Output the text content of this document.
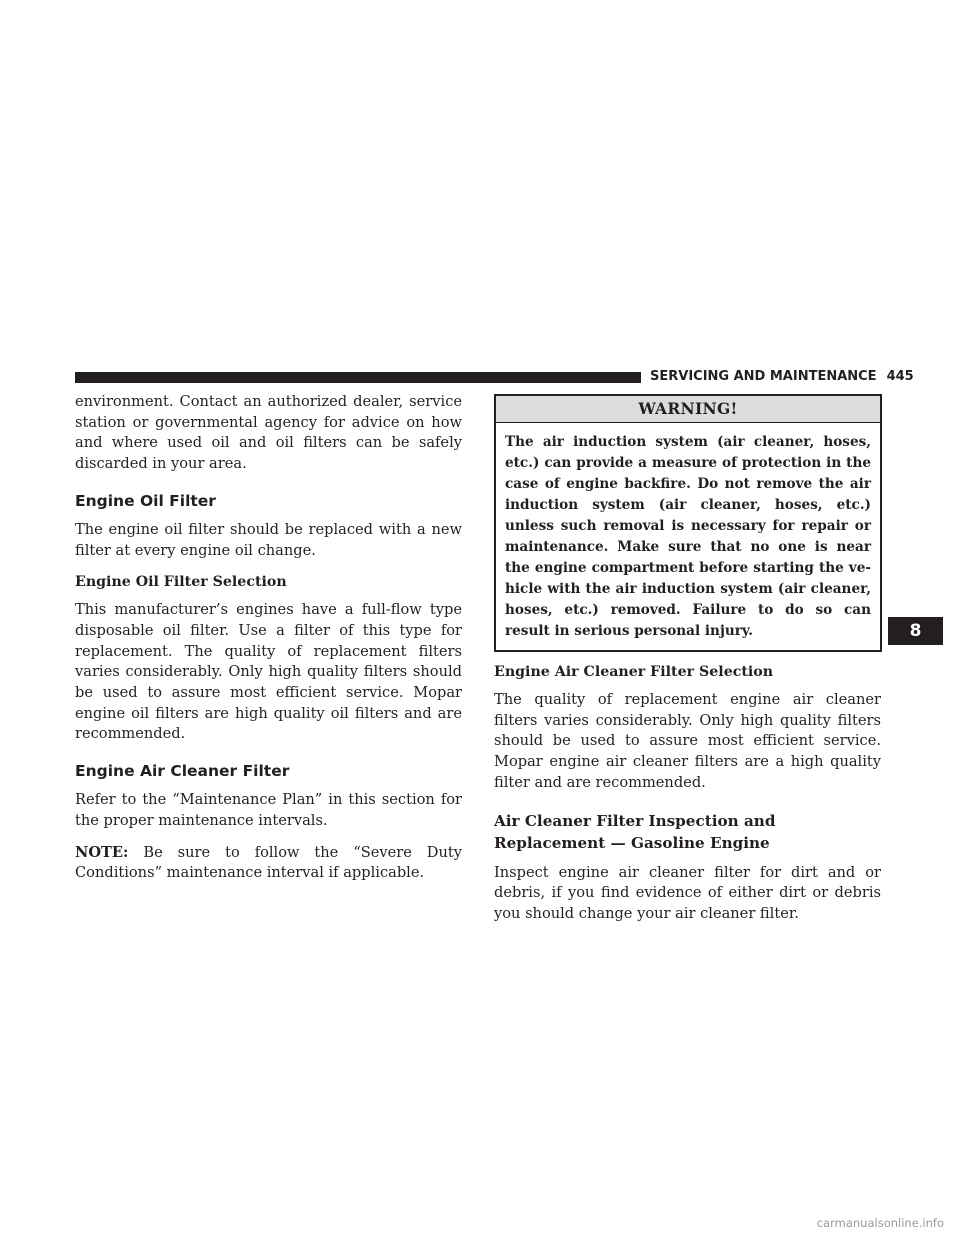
SERVICING AND MAINTENANCE 445

environment. Contact an authorized dealer, service station or governmental agency for advice on how and where used oil and oil filters can be safely discarded in your area.

Engine Oil Filter

The engine oil filter should be replaced with a new filter at every engine oil change.

Engine Oil Filter Selection

This manufacturer’s engines have a full-flow type disposable oil filter. Use a filter of this type for replacement. The quality of replacement filters varies considerably. Only high quality filters should be used to assure most efficient service. Mopar engine oil filters are high quality oil filters and are recommended.

Engine Air Cleaner Filter

Refer to the “Maintenance Plan” in this section for the proper maintenance intervals.

NOTE: Be sure to follow the “Severe Duty Conditions” maintenance interval if applicable.

WARNING!
The air induction system (air cleaner, hoses, etc.) can provide a measure of protection in the case of engine backfire. Do not remove the air induction system (air cleaner, hoses, etc.) unless such removal is necessary for repair or maintenance. Make sure that no one is near the engine compartment before starting the vehicle with the air induction system (air cleaner, hoses, etc.) removed. Failure to do so can result in serious personal injury.
Engine Air Cleaner Filter Selection

The quality of replacement engine air cleaner filters varies considerably. Only high quality filters should be used to assure most efficient service. Mopar engine air cleaner filters are a high quality filter and are recommended.

Air Cleaner Filter Inspection and Replacement — Gasoline Engine

Inspect engine air cleaner filter for dirt and or debris, if you find evidence of either dirt or debris you should change your air cleaner filter.

8
carmanualsonline.info
